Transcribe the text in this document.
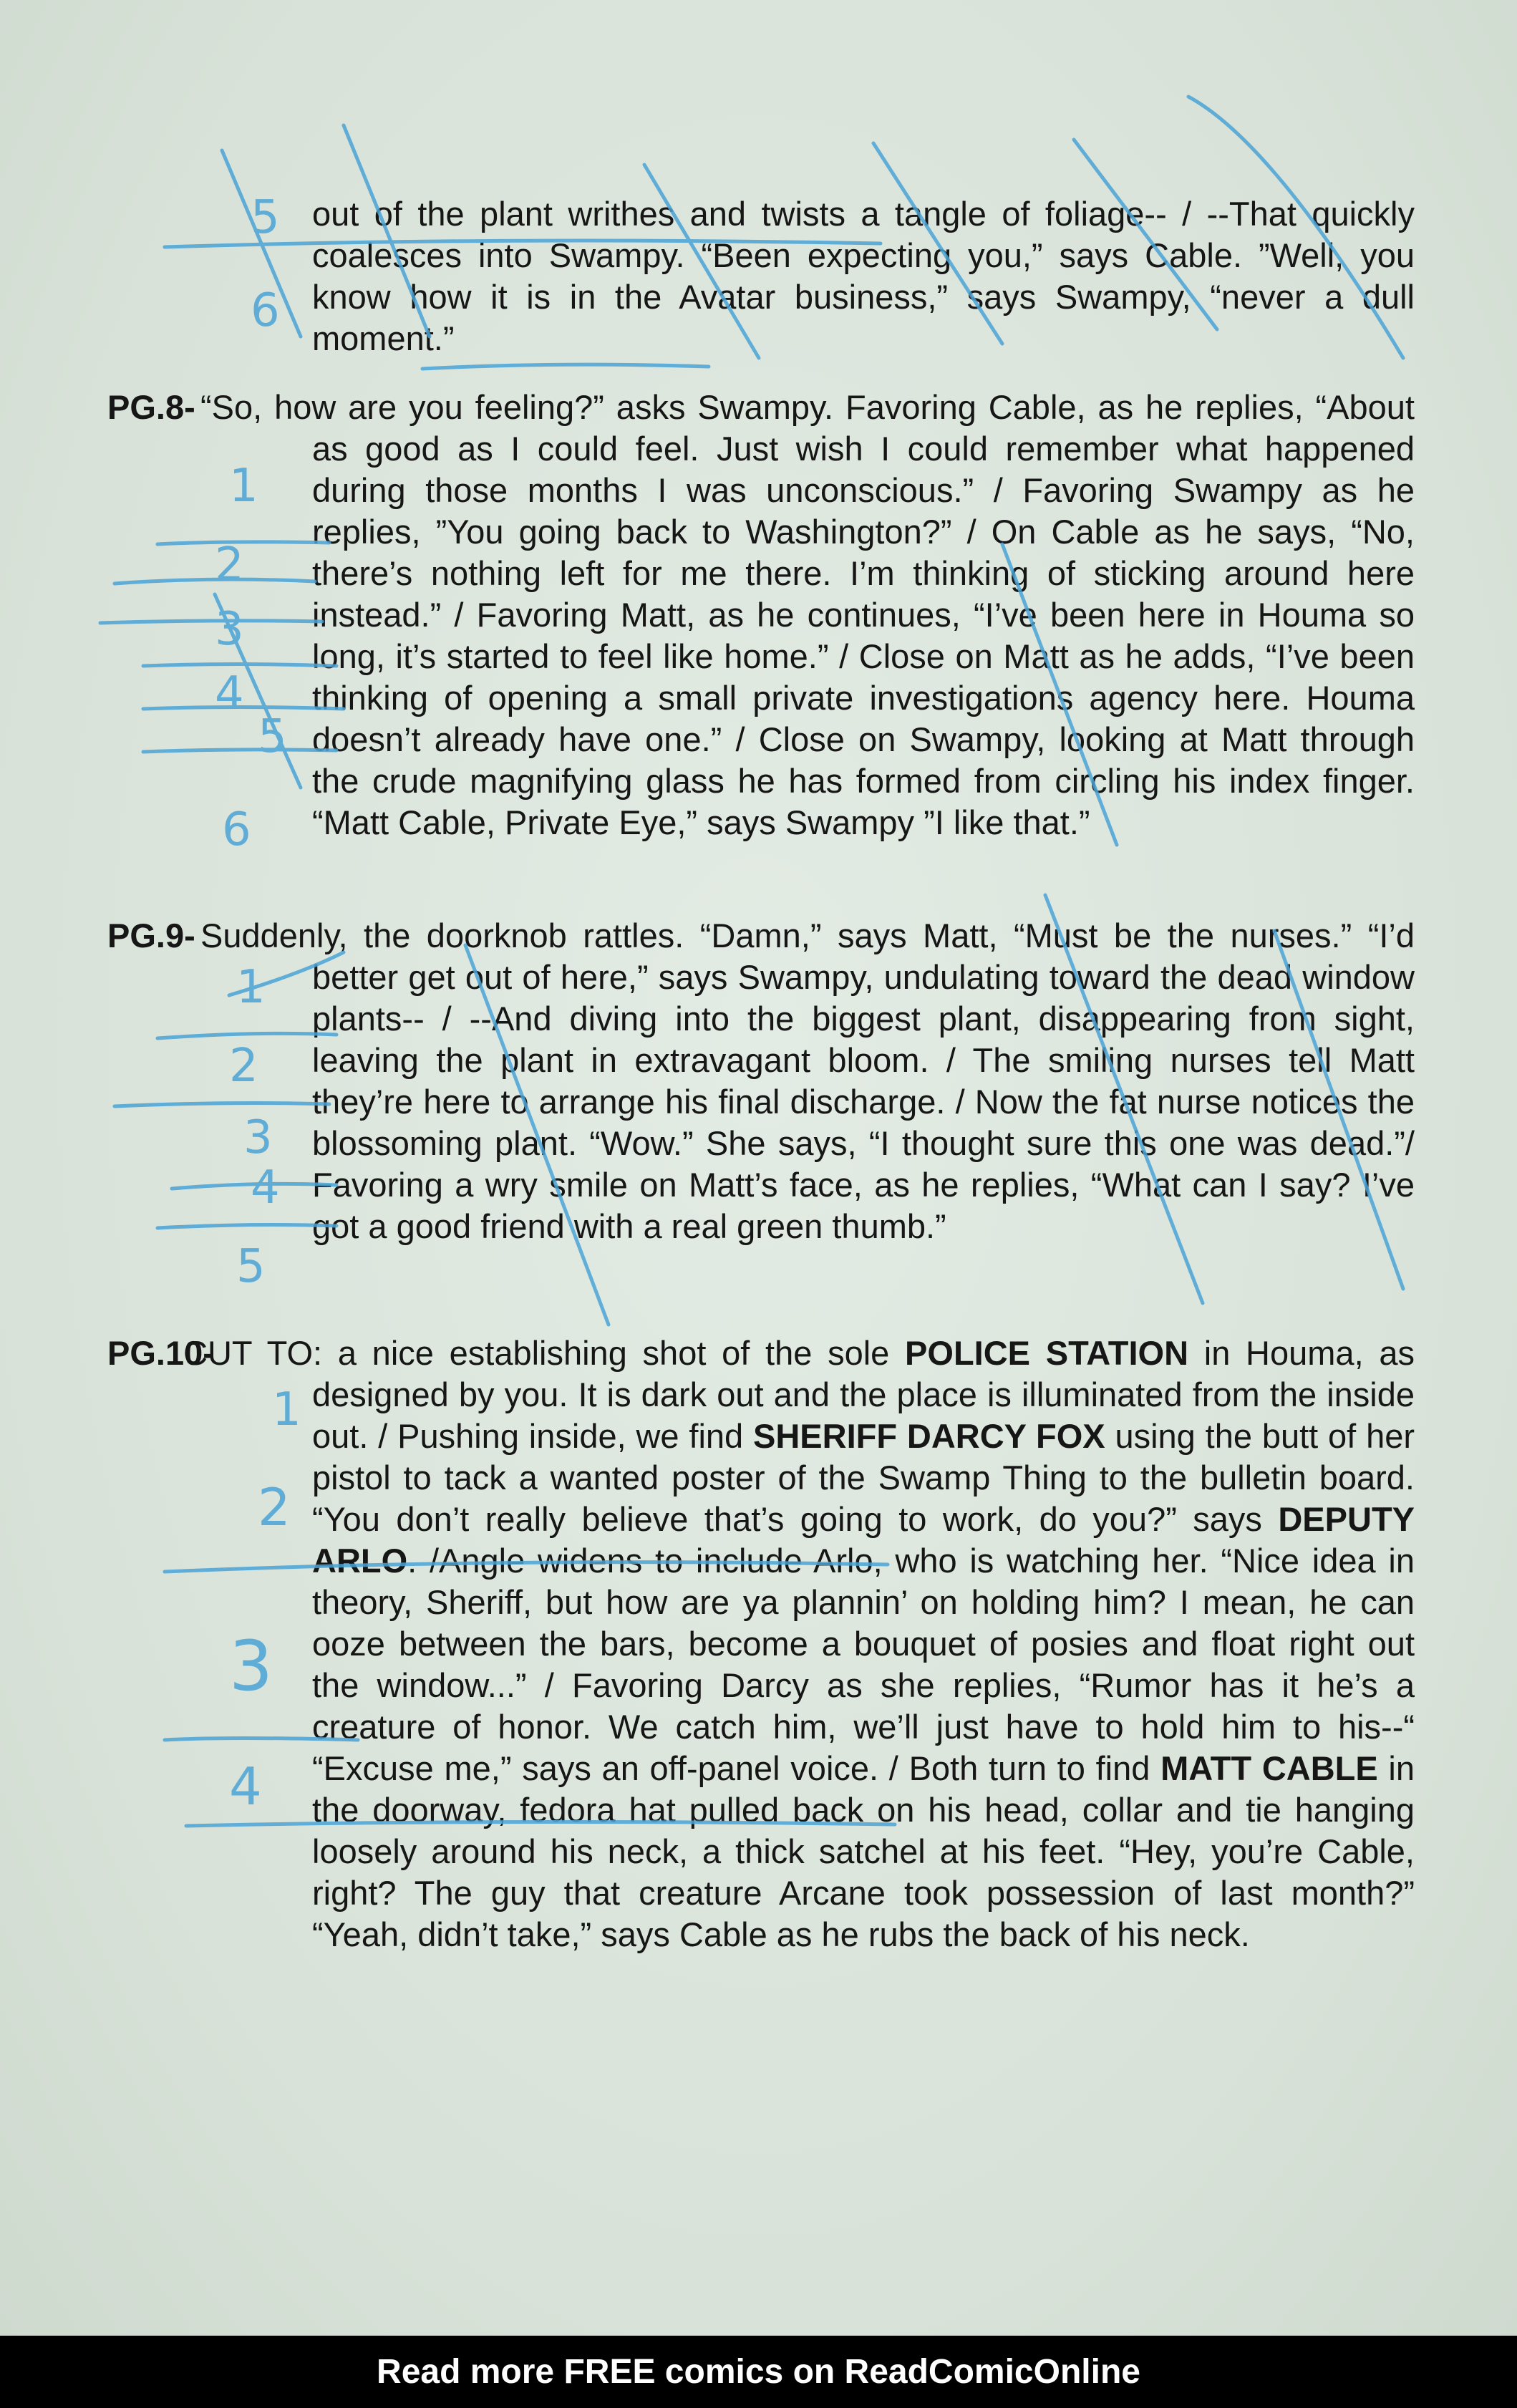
out of the plant writhes and twists a tangle of foliage-- / --That quickly coalesces into Swampy. “Been expecting you,” says Cable. ”Well, you know how it is in the Avatar business,” says Swampy, “never a dull moment.”
PG.8- “So, how are you feeling?” asks Swampy. Favoring Cable, as he replies, “About as good as I could feel. Just wish I could remember what happened during those months I was unconscious.” / Favoring Swampy as he replies, ”You going back to Washington?” / On Cable as he says, “No, there’s nothing left for me there. I’m thinking of sticking around here instead.” / Favoring Matt, as he continues, “I’ve been here in Houma so long, it’s started to feel like home.” / Close on Matt as he adds, “I’ve been thinking of opening a small private investigations agency here. Houma doesn’t already have one.” / Close on Swampy, looking at Matt through the crude magnifying glass he has formed from circling his index finger. “Matt Cable, Private Eye,” says Swampy ”I like that.”
PG.9- Suddenly, the doorknob rattles. “Damn,” says Matt, “Must be the nurses.” “I’d better get out of here,” says Swampy, undulating toward the dead window plants-- / --And diving into the biggest plant, disappearing from sight, leaving the plant in extravagant bloom. / The smiling nurses tell Matt they’re here to arrange his final discharge. / Now the fat nurse notices the blossoming plant. “Wow.” She says, “I thought sure this one was dead.”/ Favoring a wry smile on Matt’s face, as he replies, “What can I say? I’ve got a good friend with a real green thumb.”
PG.10-
CUT TO: a nice establishing shot of the sole POLICE STATION in Houma, as designed by you. It is dark out and the place is illuminated from the inside out. / Pushing inside, we find SHERIFF DARCY FOX using the butt of her pistol to tack a wanted poster of the Swamp Thing to the bulletin board. “You don’t really believe that’s going to work, do you?” says DEPUTY ARLO. /Angle widens to include Arlo, who is watching her. “Nice idea in theory, Sheriff, but how are ya plannin’ on holding him? I mean, he can ooze between the bars, become a bouquet of posies and float right out the window...” / Favoring Darcy as she replies, “Rumor has it he’s a creature of honor. We catch him, we’ll just have to hold him to his--“ “Excuse me,” says an off-panel voice. / Both turn to find MATT CABLE in the doorway, fedora hat pulled back on his head, collar and tie hanging loosely around his neck, a thick satchel at his feet. “Hey, you’re Cable, right? The guy that creature Arcane took possession of last month?” “Yeah, didn’t take,” says Cable as he rubs the back of his neck.
5
6
1
2
3
4
5
6
1
2
3
4
5
1
2
3
4
Read more FREE comics on ReadComicOnline
